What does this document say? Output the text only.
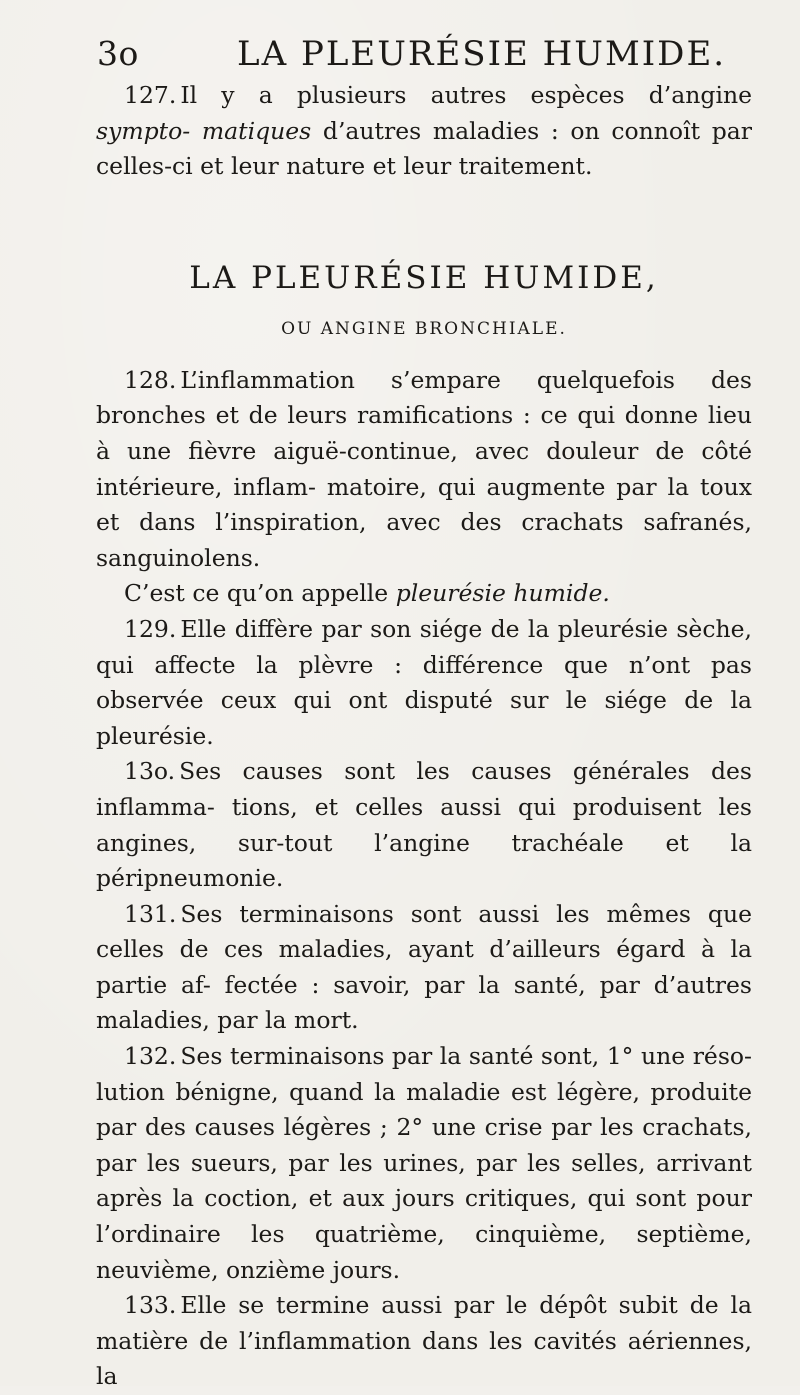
3o	LA PLEURÉSIE HUMIDE.

127. Il y a plusieurs autres espèces d’angine sympto- matiques d’autres maladies : on connoît par celles-ci et leur nature et leur traitement.

LA PLEURÉSIE HUMIDE,
OU ANGINE BRONCHIALE.

128. L’inflammation s’empare quelquefois des bronches et de leurs ramifications : ce qui donne lieu à une fièvre aiguë-continue, avec douleur de côté intérieure, inflam- matoire, qui augmente par la toux et dans l’inspiration, avec des crachats safranés, sanguinolens.

C’est ce qu’on appelle pleurésie humide.

129. Elle diffère par son siége de la pleurésie sèche, qui affecte la plèvre : différence que n’ont pas observée ceux qui ont disputé sur le siége de la pleurésie.

13o. Ses causes sont les causes générales des inflamma- tions, et celles aussi qui produisent les angines, sur-tout l’angine trachéale et la péripneumonie.

131. Ses terminaisons sont aussi les mêmes que celles de ces maladies, ayant d’ailleurs égard à la partie af- fectée : savoir, par la santé, par d’autres maladies, par la mort.

132. Ses terminaisons par la santé sont, 1° une réso- lution bénigne, quand la maladie est légère, produite par des causes légères ; 2° une crise par les crachats, par les sueurs, par les urines, par les selles, arrivant après la coction, et aux jours critiques, qui sont pour l’ordinaire les quatrième, cinquième, septième, neuvième, onzième jours.

133. Elle se termine aussi par le dépôt subit de la matière de l’inflammation dans les cavités aériennes, la
